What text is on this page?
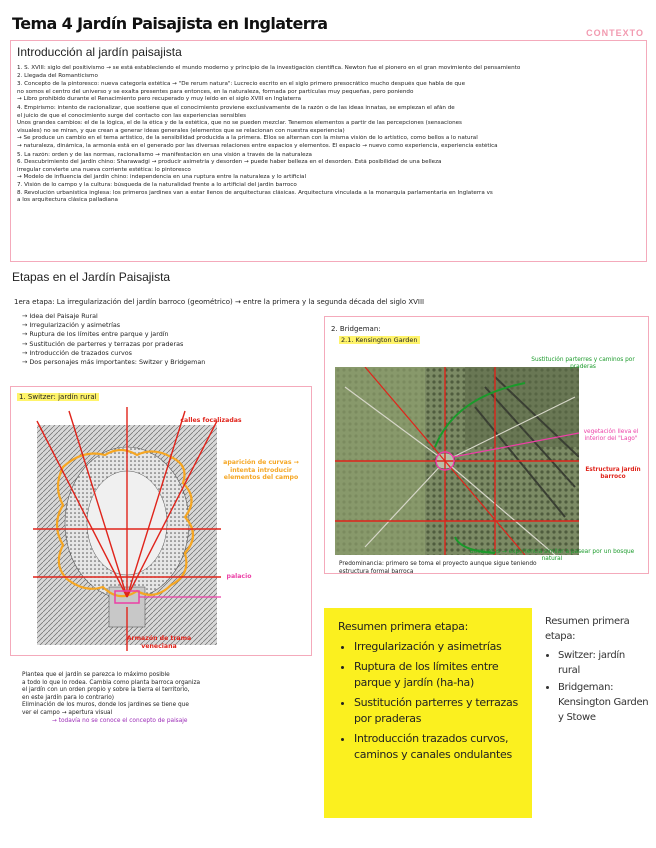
Tema 4 Jardín Paisajista en Inglaterra	CONTEXTO
Introducción al jardín paisajista
1. S. XVIII: siglo del positivismo → se está estableciendo el mundo moderno y principio de la investigación científica. Newton fue el pionero en el gran movimiento del pensamiento
2. Llegada del Romanticismo
3. Concepto de la pintoresco: nueva categoría estética → "De rerum natura": Lucrecio escrito en el siglo primero presocrático mucho después que habla de que
no somos el centro del universo y se exalta presentes para entonces, en la naturaleza, formada por partículas muy pequeñas, pero poniendo
→ Libro prohibido durante el Renacimiento pero recuperado y muy leído en el siglo XVIII en Inglaterra
4. Empirismo: intento de racionalizar, que sostiene que el conocimiento proviene exclusivamente de la razón o de las ideas innatas, se empiezan el afán de
el juicio de que el conocimiento surge del contacto con las experiencias sensibles
Unos grandes cambios: el de la lógica, el de la ética y de la estética, que no se pueden mezclar. Tenemos elementos a partir de las percepciones (sensaciones
visuales) no se miran, y que crean a generar ideas generales (elementos que se relacionan con nuestra experiencia)
→ Se produce un cambio en el tema artístico, de la sensibilidad producida a la primera. Ellos se alternan con la misma visión de lo artístico, como bellos a lo natural
→ naturaleza, dinámica, la armonía está en el generado por las diversas relaciones entre espacios y elementos. El espacio → nuevo como experiencia, experiencia estética
5. La razón: orden y de las normas, racionalismo → manifestación en una visión a través de la naturaleza
6. Descubrimiento del jardín chino: Sharawadgi → producir asimetría y desorden → puede haber belleza en el desorden. Está posibilidad de una belleza
irregular convierte una nueva corriente estética: lo pintoresco
→ Modelo de influencia del jardín chino: independencia en una ruptura entre la naturaleza y lo artificial
7. Visión de lo campo y la cultura: búsqueda de la naturalidad frente a lo artificial del jardín barroco
8. Revolución urbanística inglesa: los primeros jardines van a estar llenos de arquitecturas clásicas. Arquitectura vinculada a la monarquía parlamentaria en Inglaterra vs
a los arquitectura clásica palladiana
Etapas en el Jardín Paisajista
1era etapa: La irregularización del jardín barroco (geométrico) → entre la primera y la segunda década del siglo XVIII
→ Idea del Paisaje Rural
→ Irregularización y asimetrías
→ Ruptura de los límites entre parque y jardín
→ Sustitución de parterres y terrazas por praderas
→ Introducción de trazados curvos
→ Dos personajes más importantes: Switzer y Bridgeman
1. Switzer: jardín rural
calles focalizadas
aparición de curvas → intenta introducir elementos del campo
palacio
Armazón de trama veneciana
Plantea que el jardín se parezca lo máximo posible
a todo lo que lo rodea. Cambia como planta barroca organiza
el jardín con un orden propio y sobre la tierra el territorio,
en este jardín para lo contrario)
Eliminación de los muros, donde los jardines se tiene que
ver el campo → apertura visual
→ todavía no se conoce el concepto de paisaje
2. Bridgeman:
2.1. Kensington Garden
Sustitución parterres y caminos por praderas
vegetación lleva el interior del "Lago"
Estructura jardín barroco
Bosquetes → experiencia similar a pasear por un bosque natural
Predominancia: primero se toma el proyecto aunque sigue teniendo
estructura formal barroca
Resumen primera etapa:
• Irregularización y asimetrías
• Ruptura de los límites entre parque y jardín (ha-ha)
• Sustitución parterres y terrazas por praderas
• Introducción trazados curvos, caminos y canales ondulantes
Resumen primera etapa:
• Switzer: jardín rural
• Bridgeman: Kensington Garden y Stowe
